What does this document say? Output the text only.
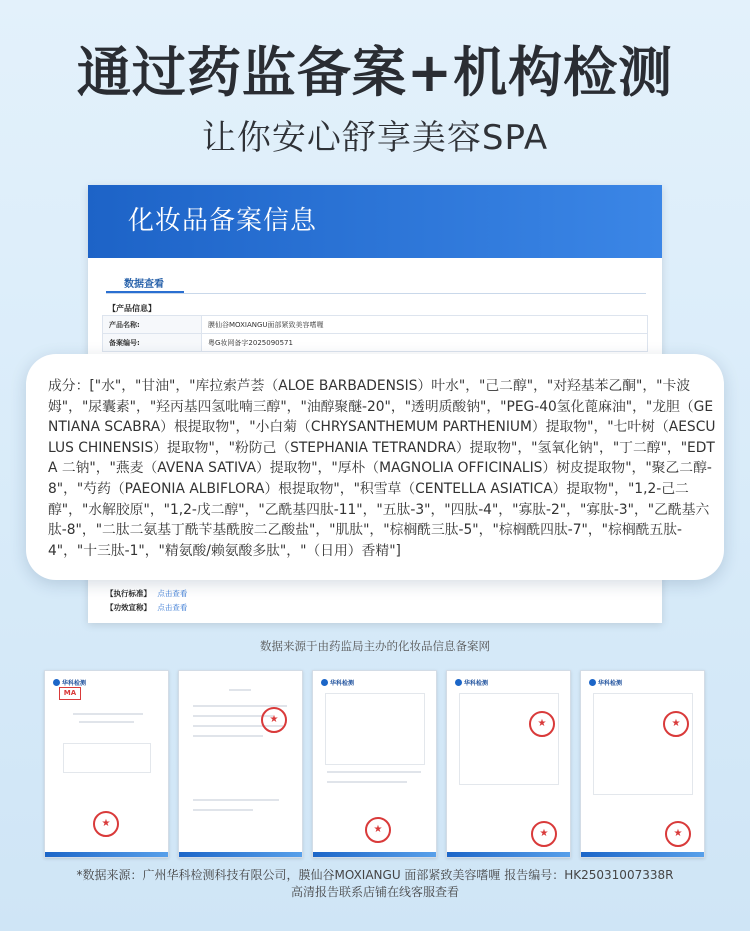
通过药监备案+机构检测
让你安心舒享美容SPA
化妆品备案信息
数据查看
【产品信息】
产品名称:	膜仙谷MOXIANGU面部紧致美容嗜喱
备案编号:	粤G妆网备字2025090571
【执行标准】 点击查看
【功效宣称】 点击查看
成分：["水"，"甘油"，"库拉索芦荟（ALOE BARBADENSIS）叶水"，"己二醇"，"对羟基苯乙酮"，"卡波姆"，"尿囊素"，"羟丙基四氢吡喃三醇"，"油醇聚醚-20"，"透明质酸钠"，"PEG-40氢化蓖麻油"，"龙胆（GENTIANA SCABRA）根提取物"，"小白菊（CHRYSANTHEMUM PARTHENIUM）提取物"，"七叶树（AESCULUS CHINENSIS）提取物"，"粉防己（STEPHANIA TETRANDRA）提取物"，"氢氧化钠"，"丁二醇"，"EDTA 二钠"，"燕麦（AVENA SATIVA）提取物"，"厚朴（MAGNOLIA OFFICINALIS）树皮提取物"，"聚乙二醇-8"，"芍药（PAEONIA ALBIFLORA）根提取物"，"积雪草（CENTELLA ASIATICA）提取物"，"1,2-己二醇"，"水解胶原"，"1,2-戊二醇"，"乙酰基四肽-11"，"五肽-3"，"四肽-4"，"寡肽-2"，"寡肽-3"，"乙酰基六肽-8"，"二肽二氨基丁酰苄基酰胺二乙酸盐"，"肌肽"，"棕榈酰三肽-5"，"棕榈酰四肽-7"，"棕榈酰五肽-4"，"十三肽-1"，"精氨酸/赖氨酸多肽"，"（日用）香精"]
数据来源于由药监局主办的化妆品信息备案网
华科检测
MA
★
★
华科检测
★
华科检测
★
★
华科检测
★
★
*数据来源：广州华科检测科技有限公司，膜仙谷MOXIANGU 面部紧致美容嗜喱 报告编号：HK25031007338R
高清报告联系店铺在线客服查看
